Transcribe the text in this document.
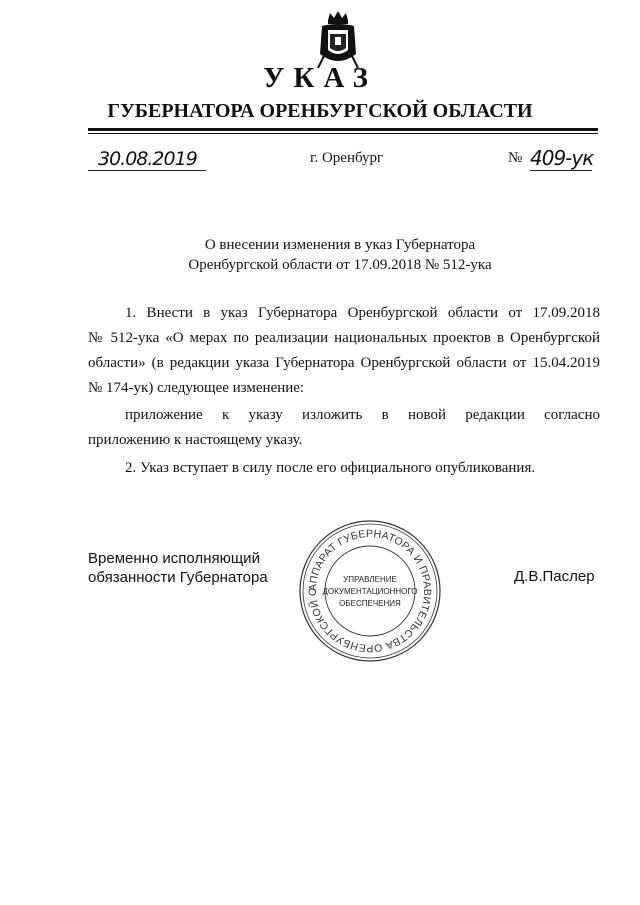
УКАЗ
ГУБЕРНАТОРА ОРЕНБУРГСКОЙ ОБЛАСТИ
30.08.2019	г. Оренбург	№ 409-ук
О внесении изменения в указ Губернатора
Оренбургской области от 17.09.2018 № 512-ука
1. Внести в указ Губернатора Оренбургской области от 17.09.2018
№ 512-ука «О мерах по реализации национальных проектов в Оренбургской
области» (в редакции указа Губернатора Оренбургской области от 15.04.2019
№ 174-ук) следующее изменение:
приложение к указу изложить в новой редакции согласно
приложению к настоящему указу.
2. Указ вступает в силу после его официального опубликования.
Временно исполняющий
обязанности Губернатора	Д.В.Паслер
АППАРАТ ГУБЕРНАТОРА И ПРАВИТЕЛЬСТВА ОРЕНБУРГСКОЙ О
УПРАВЛЕНИЕ
ДОКУМЕНТАЦИОННОГО
ОБЕСПЕЧЕНИЯ
